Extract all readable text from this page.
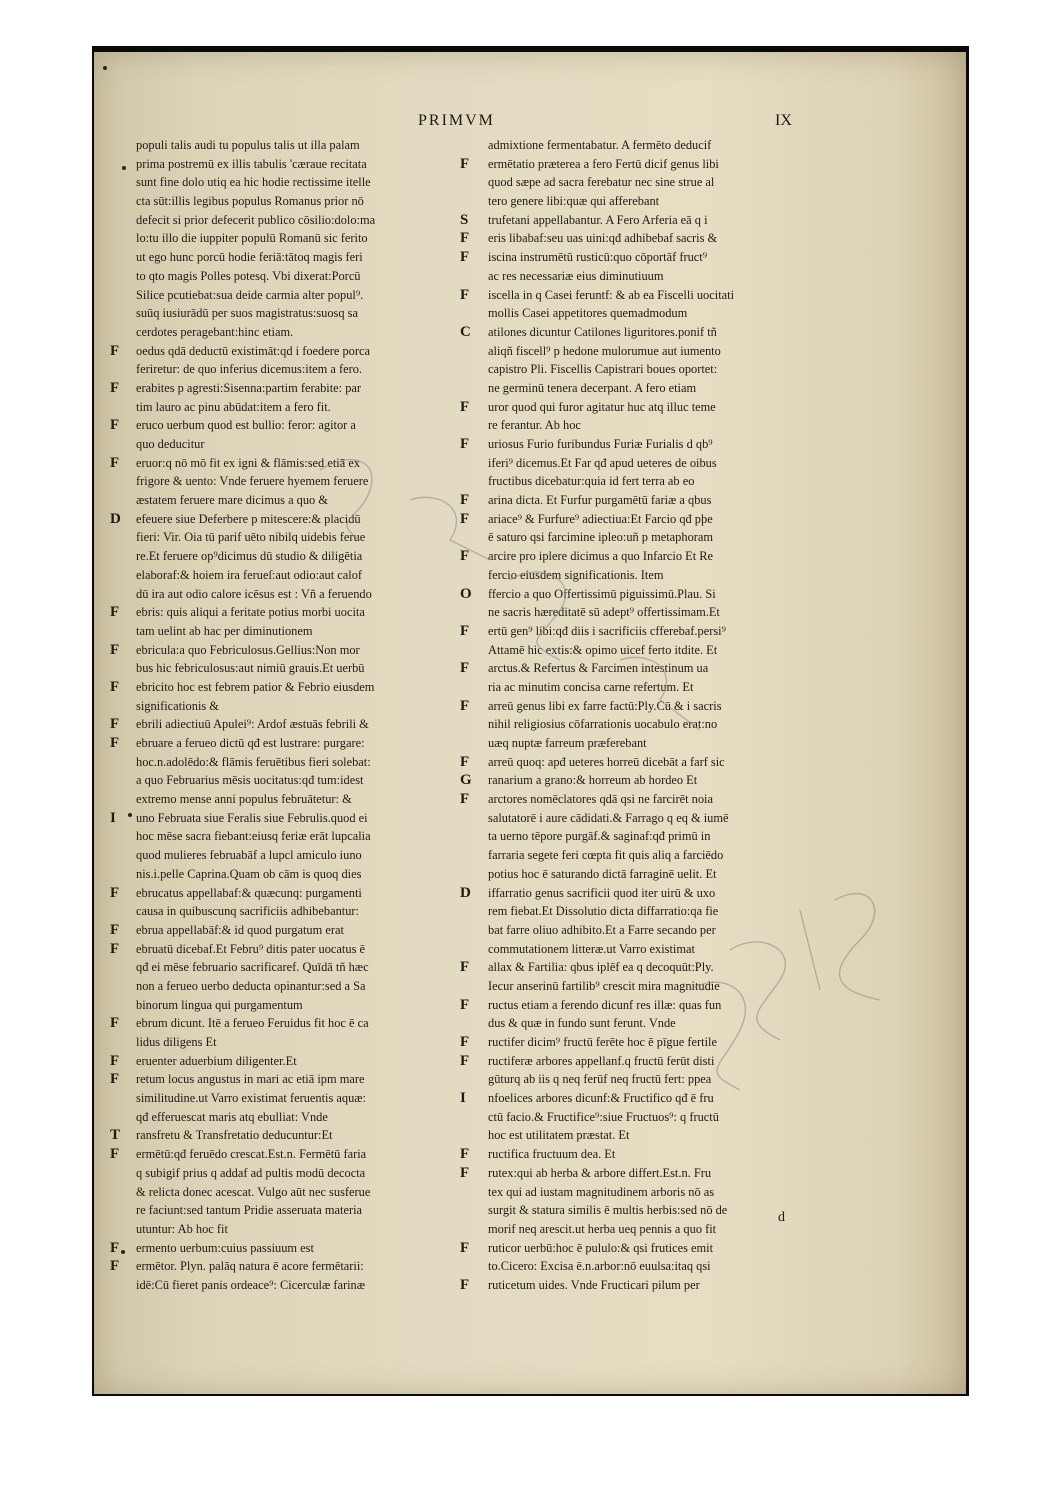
PRIMVM	IX
populi talis audi tu populus talis ut illa palam
prima postremū ex illis tabulis 'cæraue recitata
sunt fine dolo utiq ea hic hodie rectissime itelle
cta sūt:illis legibus populus Romanus prior nō
defecit si prior defecerit publico cōsilio:dolo:ma
lo:tu illo die iuppiter populū Romanū sic ferito
ut ego hunc porcū hodie feriā:tātoq magis feri
to qto magis Polles potesq. Vbi dixerat:Porcū
Silice pcutiebat:sua deide carmia alter popul⁹.
suūq iusiurādū per suos magistratus:suosq sa
cerdotes peragebant:hinc etiam.
F	oedus qdā deductū existimāt:qd i foedere porca
feriretur: de quo inferius dicemus:item a fero.
F	erabites p agresti:Sisenna:partim ferabite: par
tim lauro ac pinu abūdat:item a fero fit.
F	eruco uerbum quod est bullio: feror: agitor a
quo deducitur
F	eruor:q nō mō fit ex igni & flāmis:sed etiā ex
frigore & uento: Vnde feruere hyemem feruere
æstatem feruere mare dicimus a quo &
D	efeuere siue Deferbere p mitescere:& placidū
fieri: Vir. Oia tū parif uēto nibilq uidebis ferue
re.Et feruere op⁹dicimus dū studio & diligētia
elaboraf:& hoiem ira ferueſ:aut odio:aut calof
dū ira aut odio calore icēsus est : Vñ a feruendo
F	ebris: quis aliqui a feritate potius morbi uocita
tam uelint ab hac per diminutionem
F	ebricula:a quo Febriculosus.Gellius:Non mor
bus hic febriculosus:aut nimiū grauis.Et uerbū
F	ebricito hoc est febrem patior & Febrio eiusdem
significationis &
F	ebrili adiectiuū Apulei⁹: Ardof æstuās febrili &
F	ebruare a ferueo dictū qđ est lustrare: purgare:
hoc.n.adolēdo:& flāmis feruētibus fieri solebat:
a quo Februarius mēsis uocitatus:qđ tum:idest
extremo mense anni populus februātetur: &
I	uno Februata siue Feralis siue Februlis.quod ei
hoc mēse sacra fiebant:eiusq feriæ erāt lupcalia
quod mulieres februabāf a lupcl amiculo iuno
nis.i.pelle Caprina.Quam ob cām is quoq dies
F	ebrucatus appellabaf:& quæcunq: purgamenti
causa in quibuscunq sacrificiis adhibebantur:
F	ebrua appellabāf:& id quod purgatum erat
F	ebruatū dicebaf.Et Febru⁹ ditis pater uocatus ē
qđ ei mēse februario sacrificaref. Quīdā tñ hæc
non a ferueo uerbo deducta opinantur:sed a Sa
binorum lingua qui purgamentum
F	ebrum dicunt. Itē a ferueo Feruidus fit hoc ē ca
lidus diligens Et
F	eruenter aduerbium diligenter.Et
F	retum locus angustus in mari ac etiā ipm mare
similitudine.ut Varro existimat feruentis aquæ:
qđ efferuescat maris atq ebulliat: Vnde
T	ransfretu & Transfretatio deducuntur:Et
F	ermētū:qđ feruēdo crescat.Est.n. Fermētū faria
q subigif prius q addaf ad pultis modū decocta
& relicta donec acescat. Vulgo aūt nec susferue
re faciunt:sed tantum Pridie asseruata materia
utuntur: Ab hoc fit
F	ermento uerbum:cuius passiuum est
F	ermētor. Plyn. palāq natura ē acore fermētarii:
idē:Cū fieret panis ordeace⁹: Cicerculæ farinæ
admixtione fermentabatur. A fermēto deducif
F	ermētatio præterea a fero Fertū dicif genus libi
quod sæpe ad sacra ferebatur nec sine strue al
tero genere libi:quæ qui afferebant
S	trufetani appellabantur. A Fero Arferia eā q i
F	eris libabaf:seu uas uini:qđ adhibebaf sacris &
F	iscina instrumētū rusticū:quo cōportāf fruct⁹
ac res necessariæ eius diminutiuum
F	iscella in q Casei feruntf: & ab ea Fiscelli uocitati
mollis Casei appetitores quemadmodum
C	atilones dicuntur Catilones liguritores.ponif tñ
aliqñ fiscell⁹ p hedone mulorumue aut iumento
capistro Pli. Fiscellis Capistrari boues oportet:
ne germinū tenera decerpant. A fero etiam
F	uror quod qui furor agitatur huc atq illuc teme
re ferantur. Ab hoc
F	uriosus Furio furibundus Furiæ Furialis d qb⁹
iferi⁹ dicemus.Et Far qđ apud ueteres de oibus
fructibus dicebatur:quia id fert terra ab eo
F	arina dicta. Et Furfur purgamētū fariæ a qbus
F	ariace⁹ & Furfure⁹ adiectiua:Et Farcio qđ pþe
ē saturo qsi farcimine ipleo:uñ p metaphoram
F	arcire pro iplere dicimus a quo Infarcio Et Re
fercio eiusdem significationis. Item
O	ffercio a quo Offertissimū piguissimū.Plau. Si
ne sacris hæreditatē sū adept⁹ offertissimam.Et
F	ertū gen⁹ libi:qđ diis i sacrificiis cfferebaf.persi⁹
Attamē hic extis:& opimo uicef ferto itdite. Et
F	arctus.& Refertus & Farcimen intestinum ua
ria ac minutim concisa carne refertum. Et
F	arreū genus libi ex farre factū:Ply.Cū & i sacris
nihil religiosius cōfarrationis uocabulo erat:no
uæq nuptæ farreum præferebant
F	arreū quoq: apđ ueteres horreū dicebāt a farf sic
G	ranarium a grano:& horreum ab hordeo Et
F	arctores nomēclatores qdā qsi ne farcirēt noia
salutatorē i aure cādidati.& Farrago q eq & iumē
ta uerno tēpore purgāf.& saginaf:qđ primū in
farraria segete feri cœpta fit quis aliq a farciēdo
potius hoc ē saturando dictā farraginē uelit. Et
D	iffarratio genus sacrificii quod iter uirū & uxo
rem fiebat.Et Dissolutio dicta diffarratio:qa fie
bat farre oliuo adhibito.Et a Farre secando per
commutationem litteræ.ut Varro existimat
F	allax & Fartilia: qbus iplēf ea q decoquūt:Ply.
Iecur anserinū fartilib⁹ crescit mira magnitudie
F	ructus etiam a ferendo dicunf res illæ: quas fun
dus & quæ in fundo sunt ferunt. Vnde
F	ructifer dicim⁹ fructū ferēte hoc ē pīgue fertile
F	ructiferæ arbores appellanf.q fructū ferūt disti
gūturq ab iis q neq ferūf neq fructū fert: ppea
I	nfoelices arbores dicunf:& Fructifico qđ ē fru
ctū facio.& Fructifice⁹:siue Fructuos⁹: q fructū
hoc est utilitatem præstat. Et
F	ructifica fructuum dea. Et
F	rutex:qui ab herba & arbore differt.Est.n. Fru
tex qui ad iustam magnitudinem arboris nō as
surgit & statura similis ē multis herbis:sed nō de
morif neq arescit.ut herba ueq pennis a quo fit
F	ruticor uerbū:hoc ē pululo:& qsi frutices emit
to.Cicero: Excisa ē.n.arbor:nō euulsa:itaq qsi
F	ruticetum uides. Vnde Fructicari pilum per
d
